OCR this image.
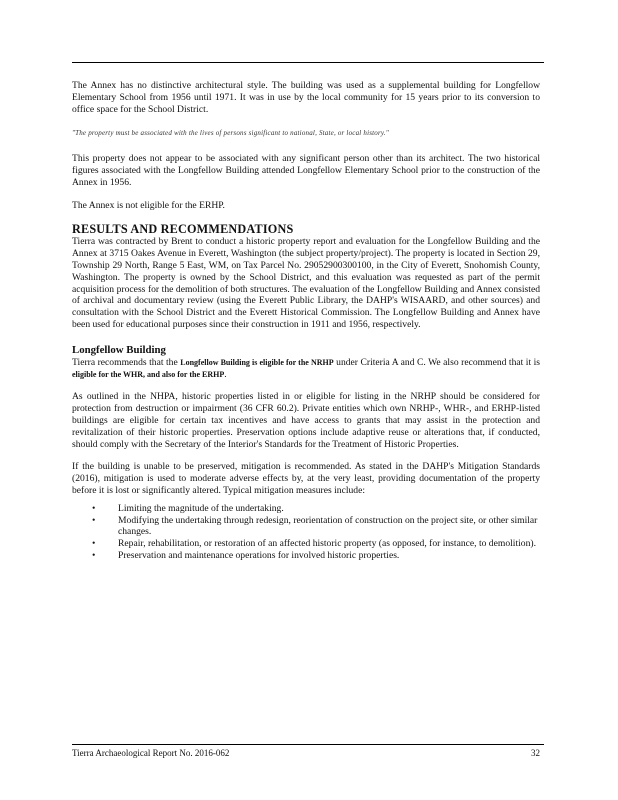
The Annex has no distinctive architectural style. The building was used as a supplemental building for Longfellow Elementary School from 1956 until 1971. It was in use by the local community for 15 years prior to its conversion to office space for the School District.

"The property must be associated with the lives of persons significant to national, State, or local history."

This property does not appear to be associated with any significant person other than its architect. The two historical figures associated with the Longfellow Building attended Longfellow Elementary School prior to the construction of the Annex in 1956.

The Annex is not eligible for the ERHP.

RESULTS AND RECOMMENDATIONS

Tierra was contracted by Brent to conduct a historic property report and evaluation for the Longfellow Building and the Annex at 3715 Oakes Avenue in Everett, Washington (the subject property/project). The property is located in Section 29, Township 29 North, Range 5 East, WM, on Tax Parcel No. 29052900300100, in the City of Everett, Snohomish County, Washington. The property is owned by the School District, and this evaluation was requested as part of the permit acquisition process for the demolition of both structures. The evaluation of the Longfellow Building and Annex consisted of archival and documentary review (using the Everett Public Library, the DAHP's WISAARD, and other sources) and consultation with the School District and the Everett Historical Commission. The Longfellow Building and Annex have been used for educational purposes since their construction in 1911 and 1956, respectively.

Longfellow Building

Tierra recommends that the Longfellow Building is eligible for the NRHP under Criteria A and C. We also recommend that it is eligible for the WHR, and also for the ERHP.

As outlined in the NHPA, historic properties listed in or eligible for listing in the NRHP should be considered for protection from destruction or impairment (36 CFR 60.2). Private entities which own NRHP-, WHR-, and ERHP-listed buildings are eligible for certain tax incentives and have access to grants that may assist in the protection and revitalization of their historic properties. Preservation options include adaptive reuse or alterations that, if conducted, should comply with the Secretary of the Interior's Standards for the Treatment of Historic Properties.

If the building is unable to be preserved, mitigation is recommended. As stated in the DAHP's Mitigation Standards (2016), mitigation is used to moderate adverse effects by, at the very least, providing documentation of the property before it is lost or significantly altered. Typical mitigation measures include:

• Limiting the magnitude of the undertaking.
• Modifying the undertaking through redesign, reorientation of construction on the project site, or other similar changes.
• Repair, rehabilitation, or restoration of an affected historic property (as opposed, for instance, to demolition).
• Preservation and maintenance operations for involved historic properties.
Tierra Archaeological Report No. 2016-062	32
